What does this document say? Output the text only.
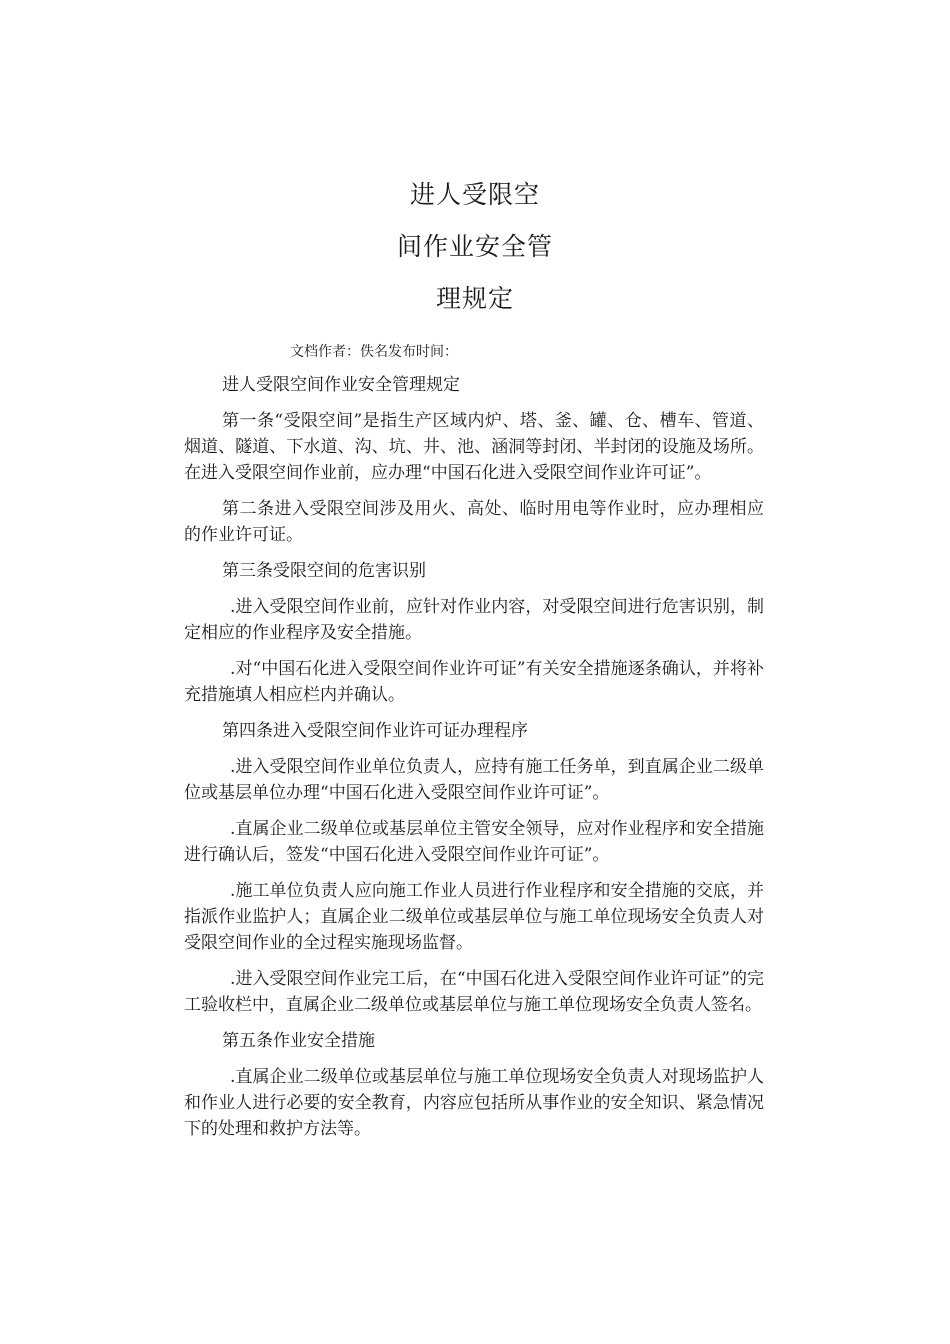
进人受限空
间作业安全管
理规定
文档作者：佚名发布时间：

进人受限空间作业安全管理规定

第一条“受限空间”是指生产区域内炉、塔、釜、罐、仓、槽车、管道、烟道、隧道、下水道、沟、坑、井、池、涵洞等封闭、半封闭的设施及场所。在进入受限空间作业前，应办理“中国石化进入受限空间作业许可证”。

第二条进入受限空间涉及用火、高处、临时用电等作业时，应办理相应的作业许可证。

第三条受限空间的危害识别

.进入受限空间作业前，应针对作业内容，对受限空间进行危害识别，制定相应的作业程序及安全措施。

.对“中国石化进入受限空间作业许可证”有关安全措施逐条确认，并将补充措施填人相应栏内并确认。

第四条进入受限空间作业许可证办理程序

.进入受限空间作业单位负责人，应持有施工任务单，到直属企业二级单位或基层单位办理“中国石化进入受限空间作业许可证”。

.直属企业二级单位或基层单位主管安全领导，应对作业程序和安全措施进行确认后，签发“中国石化进入受限空间作业许可证”。

.施工单位负责人应向施工作业人员进行作业程序和安全措施的交底，并指派作业监护人；直属企业二级单位或基层单位与施工单位现场安全负责人对受限空间作业的全过程实施现场监督。

.进入受限空间作业完工后，在“中国石化进入受限空间作业许可证”的完工验收栏中，直属企业二级单位或基层单位与施工单位现场安全负责人签名。

第五条作业安全措施

.直属企业二级单位或基层单位与施工单位现场安全负责人对现场监护人和作业人进行必要的安全教育，内容应包括所从事作业的安全知识、紧急情况下的处理和救护方法等。
